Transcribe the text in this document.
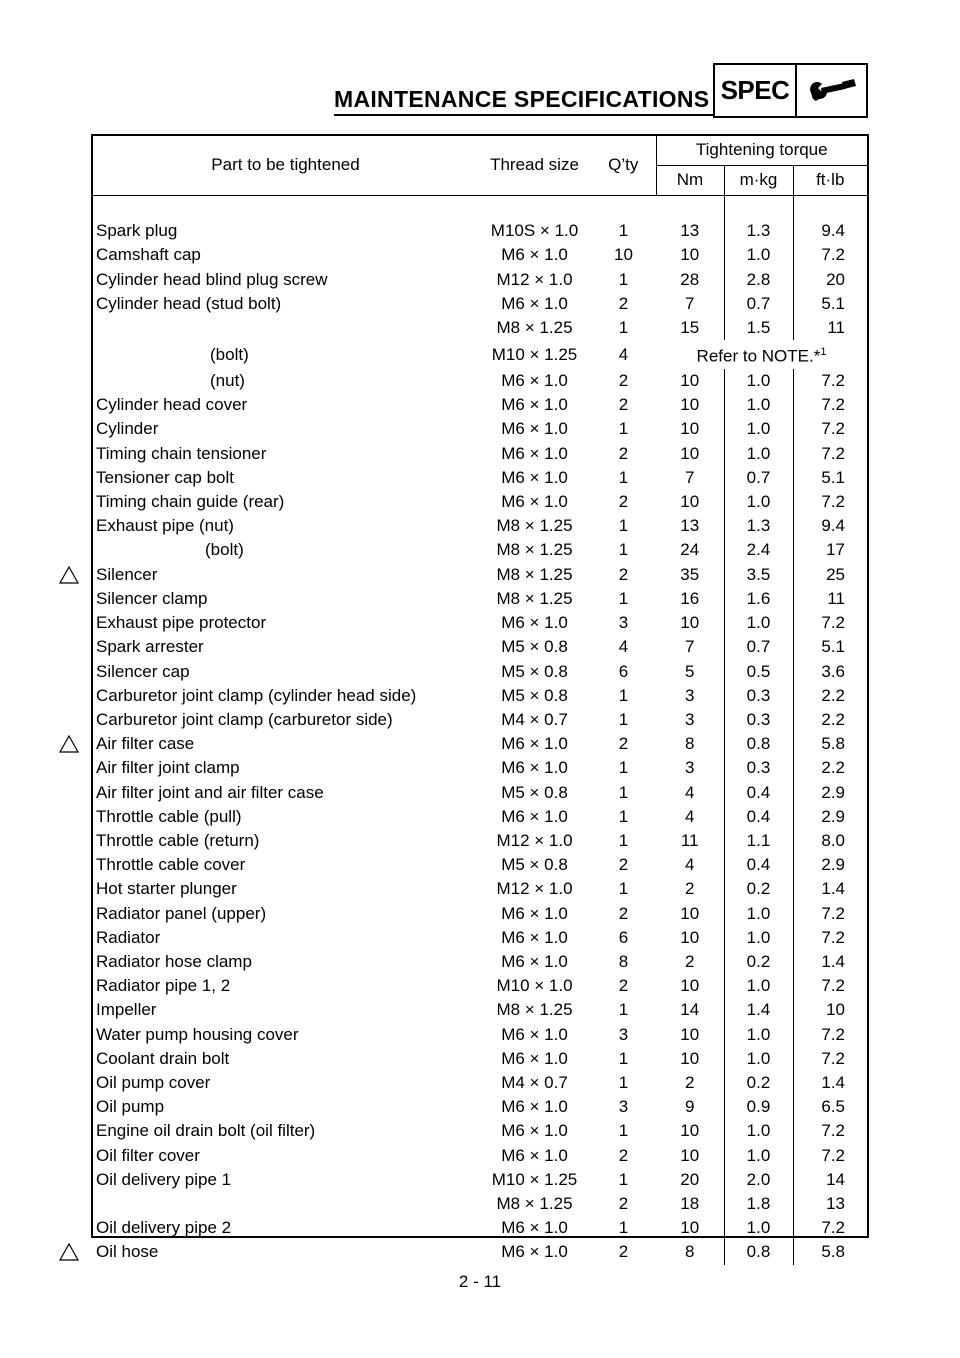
MAINTENANCE SPECIFICATIONS SPEC
Part to be tightened	Thread size	Q’ty	Tightening torque		
			Nm	m·kg	ft·lb

Spark plug	M10S × 1.0	1	13	1.3	9.4
Camshaft cap	M6 × 1.0	10	10	1.0	7.2
Cylinder head blind plug screw	M12 × 1.0	1	28	2.8	20
Cylinder head (stud bolt)	M6 × 1.0	2	7	0.7	5.1
	M8 × 1.25	1	15	1.5	11
(bolt)	M10 × 1.25	4	Refer to NOTE.*$^1$
(nut)	M6 × 1.0	2	10	1.0	7.2
Cylinder head cover	M6 × 1.0	2	10	1.0	7.2
Cylinder	M6 × 1.0	1	10	1.0	7.2
Timing chain tensioner	M6 × 1.0	2	10	1.0	7.2
Tensioner cap bolt	M6 × 1.0	1	7	0.7	5.1
Timing chain guide (rear)	M6 × 1.0	2	10	1.0	7.2
Exhaust pipe (nut)	M8 × 1.25	1	13	1.3	9.4
(bolt)	M8 × 1.25	1	24	2.4	17
Silencer	M8 × 1.25	2	35	3.5	25
Silencer clamp	M8 × 1.25	1	16	1.6	11
Exhaust pipe protector	M6 × 1.0	3	10	1.0	7.2
Spark arrester	M5 × 0.8	4	7	0.7	5.1
Silencer cap	M5 × 0.8	6	5	0.5	3.6
Carburetor joint clamp (cylinder head side)	M5 × 0.8	1	3	0.3	2.2
Carburetor joint clamp (carburetor side)	M4 × 0.7	1	3	0.3	2.2
Air filter case	M6 × 1.0	2	8	0.8	5.8
Air filter joint clamp	M6 × 1.0	1	3	0.3	2.2
Air filter joint and air filter case	M5 × 0.8	1	4	0.4	2.9
Throttle cable (pull)	M6 × 1.0	1	4	0.4	2.9
Throttle cable (return)	M12 × 1.0	1	11	1.1	8.0
Throttle cable cover	M5 × 0.8	2	4	0.4	2.9
Hot starter plunger	M12 × 1.0	1	2	0.2	1.4
Radiator panel (upper)	M6 × 1.0	2	10	1.0	7.2
Radiator	M6 × 1.0	6	10	1.0	7.2
Radiator hose clamp	M6 × 1.0	8	2	0.2	1.4
Radiator pipe 1, 2	M10 × 1.0	2	10	1.0	7.2
Impeller	M8 × 1.25	1	14	1.4	10
Water pump housing cover	M6 × 1.0	3	10	1.0	7.2
Coolant drain bolt	M6 × 1.0	1	10	1.0	7.2
Oil pump cover	M4 × 0.7	1	2	0.2	1.4
Oil pump	M6 × 1.0	3	9	0.9	6.5
Engine oil drain bolt (oil filter)	M6 × 1.0	1	10	1.0	7.2
Oil filter cover	M6 × 1.0	2	10	1.0	7.2
Oil delivery pipe 1	M10 × 1.25	1	20	2.0	14
	M8 × 1.25	2	18	1.8	13
Oil delivery pipe 2	M6 × 1.0	1	10	1.0	7.2
Oil hose	M6 × 1.0	2	8	0.8	5.8
2 - 11
